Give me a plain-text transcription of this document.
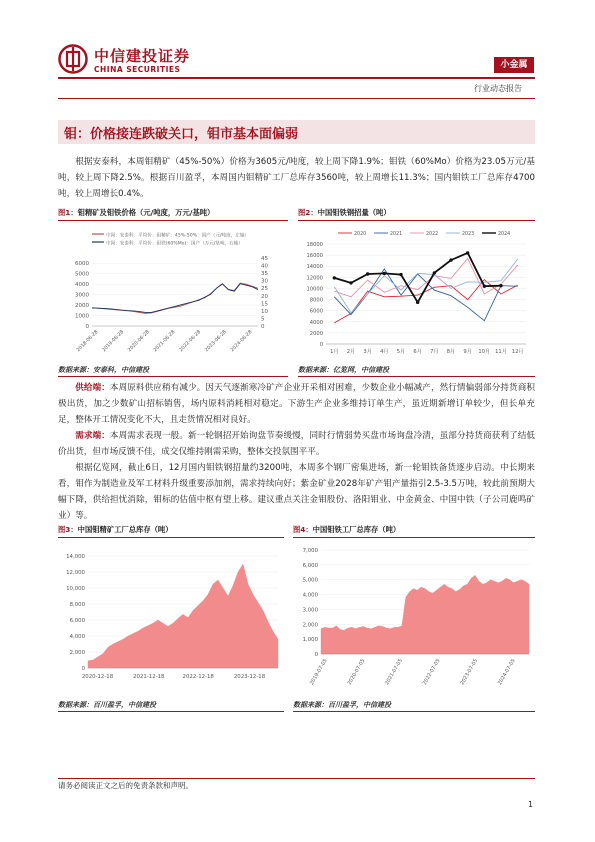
中信建投证券
CHINA SECURITIES	小金属
行业动态报告
钼：价格接连跌破关口，钼市基本面偏弱
根据安泰科，本周钼精矿（45%-50%）价格为3605元/吨度，较上周下降1.9%；钼铁（60%Mo）价格为23.05万元/基吨，较上周下降2.5%。根据百川盈孚，本周国内钼精矿工厂总库存3560吨，较上周增长11.3%；国内钼铁工厂总库存4700吨，较上周增长0.4%。
图1：钼精矿及钼铁价格（元/吨度，万元/基吨）	图2：中国钼铁钢招量（吨）
中国：安泰科：平均价：钼精矿：45%-50%：国产（元/吨度，左轴）
中国：安泰科：平均价：钼铁(60%Mo)：国产（万元/基吨，右轴）
0
1000
2000
3000
4000
5000
6000
0
5
10
15
20
25
30
35
40
45
2018-06-28 2019-06-28 2020-06-28 2021-06-28 2022-06-28 2023-06-28 2024-06-28
2020	2021	2022	2023	2024
0
2000
4000
6000
8000
10000
12000
14000
16000
18000
1月 2月 3月 4月 5月 6月 7月 8月 9月 10月 11月 12月
数据来源：安泰科，中信建投	数据来源：亿览网，中信建投
供给端：本周原料供应稍有减少。因天气逐渐寒冷矿产企业开采相对困难，少数企业小幅减产，然行情偏弱部分持货商积极出货，加之少数矿山招标销售，场内原料消耗相对稳定。下游生产企业多维持订单生产，虽近期新增订单较少，但长单充足，整体开工情况变化不大，且走货情况相对良好。
需求端：本周需求表现一般。新一轮钢招开始询盘节奏缓慢，同时行情弱势买盘市场询盘冷清，虽部分持货商获利了结低价出货，但市场反馈不佳，成交仅维持刚需采购，整体交投氛围平平。
根据亿览网，截止6日，12月国内钼铁钢招量约3200吨，本周多个钢厂密集进场，新一轮钼铁备货逐步启动。中长期来看，钼作为制造业及军工材料升级重要添加剂，需求持续向好；紫金矿业2028年矿产钼产量指引2.5-3.5万吨，较此前预期大幅下降，供给担忧消除，钼标的估值中枢有望上移。建议重点关注金钼股份、洛阳钼业、中金黄金、中国中铁（子公司鹿鸣矿业）等。
图3：中国钼精矿工厂总库存（吨）	图4：中国钼铁工厂总库存（吨）
0
2,000
4,000
6,000
8,000
10,000
12,000
14,000
2020-12-18	2021-12-18	2022-12-18	2023-12-18
0
1,000
2,000
3,000
4,000
5,000
6,000
7,000
2019-07-05	2020-07-05	2021-07-05	2022-07-05	2023-07-05	2024-07-05
数据来源：百川盈孚，中信建投	数据来源：百川盈孚，中信建投
请务必阅读正文之后的免责条款和声明。
1
